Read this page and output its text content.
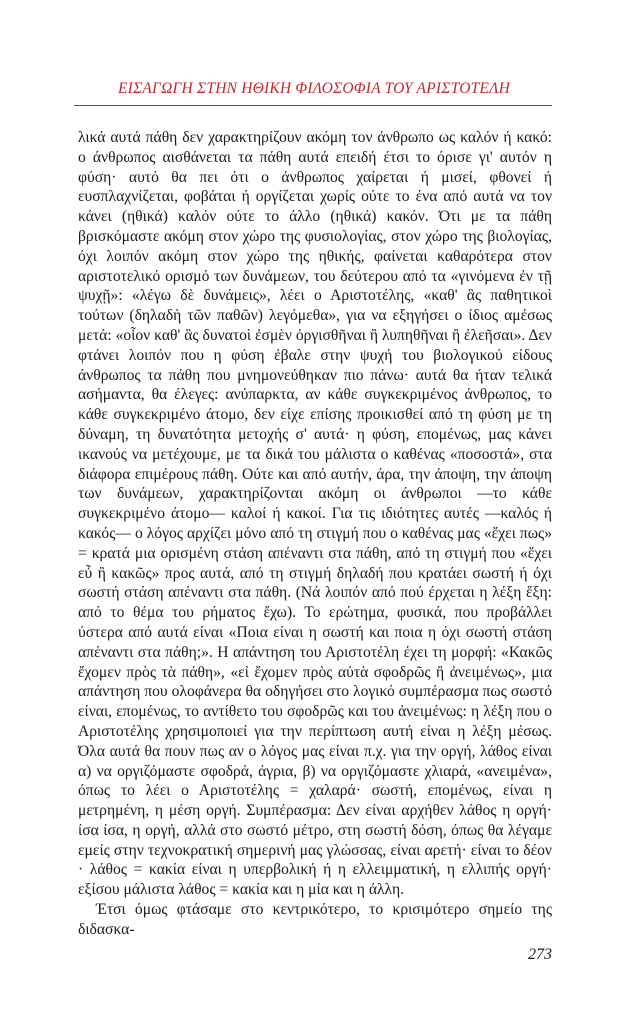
ΕΙΣΑΓΩΓΗ ΣΤΗΝ ΗΘΙΚΗ ΦΙΛΟΣΟΦΙΑ ΤΟΥ ΑΡΙΣΤΟΤΕΛΗ

λικά αυτά πάθη δεν χαρακτηρίζουν ακόμη τον άνθρωπο ως καλόν ή κακό: ο άνθρωπος αισθάνεται τα πάθη αυτά επειδή έτσι το όρισε γι' αυτόν η φύση· αυτό θα πει ότι ο άνθρωπος χαίρεται ή μισεί, φθονεί ή ευσπλαχνίζεται, φοβάται ή οργίζεται χωρίς ούτε το ένα από αυτά να τον κάνει (ηθικά) καλόν ούτε το άλλο (ηθικά) κακόν. Ότι με τα πάθη βρισκόμαστε ακόμη στον χώρο της φυσιολογίας, στον χώρο της βιολογίας, όχι λοιπόν ακόμη στον χώρο της ηθικής, φαίνεται καθαρότερα στον αριστοτελικό ορισμό των δυνάμεων, του δεύτερου από τα «γινόμενα ἐν τῇ ψυχῇ»: «λέγω δὲ δυνάμεις», λέει ο Αριστοτέλης, «καθ' ἃς παθητικοὶ τούτων (δηλαδὴ τῶν παθῶν) λεγόμεθα», για να εξηγήσει ο ίδιος αμέσως μετά: «οἷον καθ' ἃς δυνατοὶ ἐσμὲν ὀργισθῆναι ἢ λυπηθῆναι ἢ ἐλεῆσαι». Δεν φτάνει λοιπόν που η φύση έβαλε στην ψυχή του βιολογικού είδους άνθρωπος τα πάθη που μνημονεύθηκαν πιο πάνω· αυτά θα ήταν τελικά ασήμαντα, θα έλεγες: ανύπαρκτα, αν κάθε συγκεκριμένος άνθρωπος, το κάθε συγκεκριμένο άτομο, δεν είχε επίσης προικισθεί από τη φύση με τη δύναμη, τη δυνατότητα μετοχής σ' αυτά· η φύση, επομένως, μας κάνει ικανούς να μετέχουμε, με τα δικά του μάλιστα ο καθένας «ποσοστά», στα διάφορα επιμέρους πάθη. Ούτε και από αυτήν, άρα, την άποψη, την άποψη των δυνάμεων, χαρακτηρίζονται ακόμη οι άνθρωποι —το κάθε συγκεκριμένο άτομο— καλοί ή κακοί. Για τις ιδιότητες αυτές —καλός ή κακός— ο λόγος αρχίζει μόνο από τη στιγμή που ο καθένας μας «ἔχει πως» = κρατά μια ορισμένη στάση απέναντι στα πάθη, από τη στιγμή που «ἔχει εὖ ἢ κακῶς» προς αυτά, από τη στιγμή δηλαδή που κρατάει σωστή ή όχι σωστή στάση απέναντι στα πάθη. (Νά λοιπόν από πού έρχεται η λέξη ἕξη: από το θέμα του ρήματος ἔχω). Το ερώτημα, φυσικά, που προβάλλει ύστερα από αυτά είναι «Ποια είναι η σωστή και ποια η όχι σωστή στάση απέναντι στα πάθη;». Η απάντηση του Αριστοτέλη έχει τη μορφή: «Κακῶς ἔχομεν πρὸς τὰ πάθη», «εἰ ἔχομεν πρὸς αὐτὰ σφοδρῶς ἢ ἀνειμένως», μια απάντηση που ολοφάνερα θα οδηγήσει στο λογικό συμπέρασμα πως σωστό είναι, επομένως, το αντίθετο του σφοδρῶς και του ἀνειμένως: η λέξη που ο Αριστοτέλης χρησιμοποιεί για την περίπτωση αυτή είναι η λέξη μέσως. Όλα αυτά θα πουν πως αν ο λόγος μας είναι π.χ. για την οργή, λάθος είναι α) να οργιζόμαστε σφοδρά, άγρια, β) να οργιζόμαστε χλιαρά, «ανειμένα», όπως το λέει ο Αριστοτέλης = χαλαρά· σωστή, επομένως, είναι η μετρημένη, η μέση οργή. Συμπέρασμα: Δεν είναι αρχήθεν λάθος η οργή· ίσα ίσα, η οργή, αλλά στο σωστό μέτρο, στη σωστή δόση, όπως θα λέγαμε εμείς στην τεχνοκρατική σημερινή μας γλώσσας, είναι αρετή· είναι το δέον · λάθος = κακία είναι η υπερβολική ή η ελλειμματική, η ελλιπής οργή· εξίσου μάλιστα λάθος = κακία και η μία και η άλλη.

Έτσι όμως φτάσαμε στο κεντρικότερο, το κρισιμότερο σημείο της διδασκα-

273
